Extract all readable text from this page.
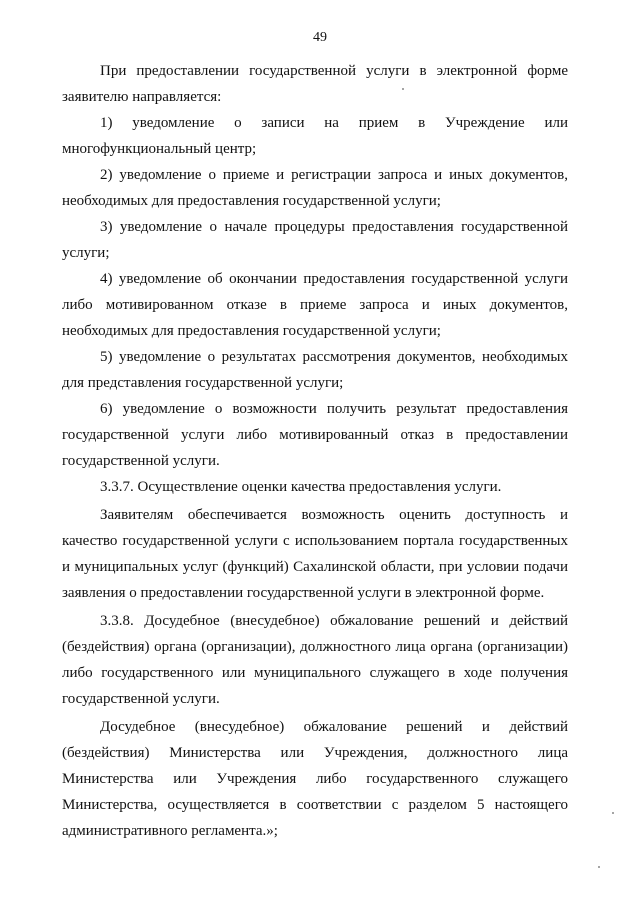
49

При предоставлении государственной услуги в электронной форме заявителю направляется:

1) уведомление о записи на прием в Учреждение или многофункциональный центр;

2) уведомление о приеме и регистрации запроса и иных документов, необходимых для предоставления государственной услуги;

3) уведомление о начале процедуры предоставления государственной услуги;

4) уведомление об окончании предоставления государственной услуги либо мотивированном отказе в приеме запроса и иных документов, необходимых для предоставления государственной услуги;

5) уведомление о результатах рассмотрения документов, необходимых для представления государственной услуги;

6) уведомление о возможности получить результат предоставления государственной услуги либо мотивированный отказ в предоставлении государственной услуги.

3.3.7. Осуществление оценки качества предоставления услуги.

Заявителям обеспечивается возможность оценить доступность и качество государственной услуги с использованием портала государственных и муниципальных услуг (функций) Сахалинской области, при условии подачи заявления о предоставлении государственной услуги в электронной форме.

3.3.8. Досудебное (внесудебное) обжалование решений и действий (бездействия) органа (организации), должностного лица органа (организации) либо государственного или муниципального служащего в ходе получения государственной услуги.

Досудебное (внесудебное) обжалование решений и действий (бездействия) Министерства или Учреждения, должностного лица Министерства или Учреждения либо государственного служащего Министерства, осуществляется в соответствии с разделом 5 настоящего административного регламента.»;
